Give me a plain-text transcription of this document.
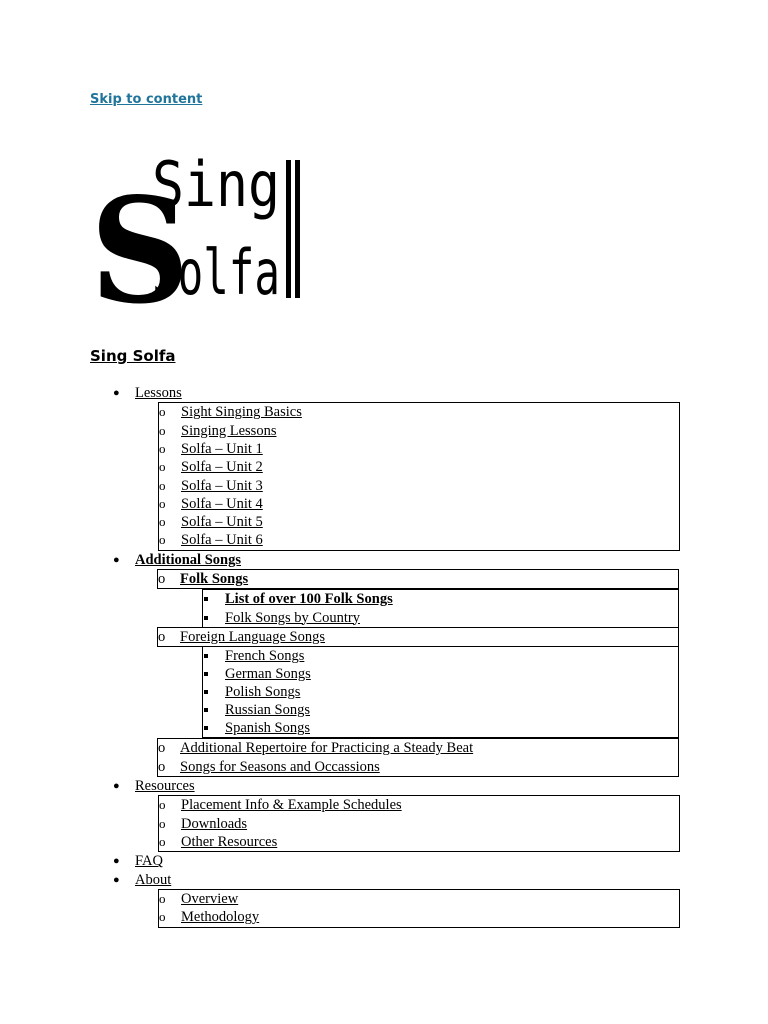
Skip to content
S
Sing
Solfa
Sing Solfa
● Lessons
o Sight Singing Basics
o Singing Lessons
o Solfa – Unit 1
o Solfa – Unit 2
o Solfa – Unit 3
o Solfa – Unit 4
o Solfa – Unit 5
o Solfa – Unit 6
● Additional Songs
o Folk Songs
List of over 100 Folk Songs
Folk Songs by Country
o Foreign Language Songs
French Songs
German Songs
Polish Songs
Russian Songs
Spanish Songs
o Additional Repertoire for Practicing a Steady Beat
o Songs for Seasons and Occassions
● Resources
o Placement Info & Example Schedules
o Downloads
o Other Resources
● FAQ
● About
o Overview
o Methodology
